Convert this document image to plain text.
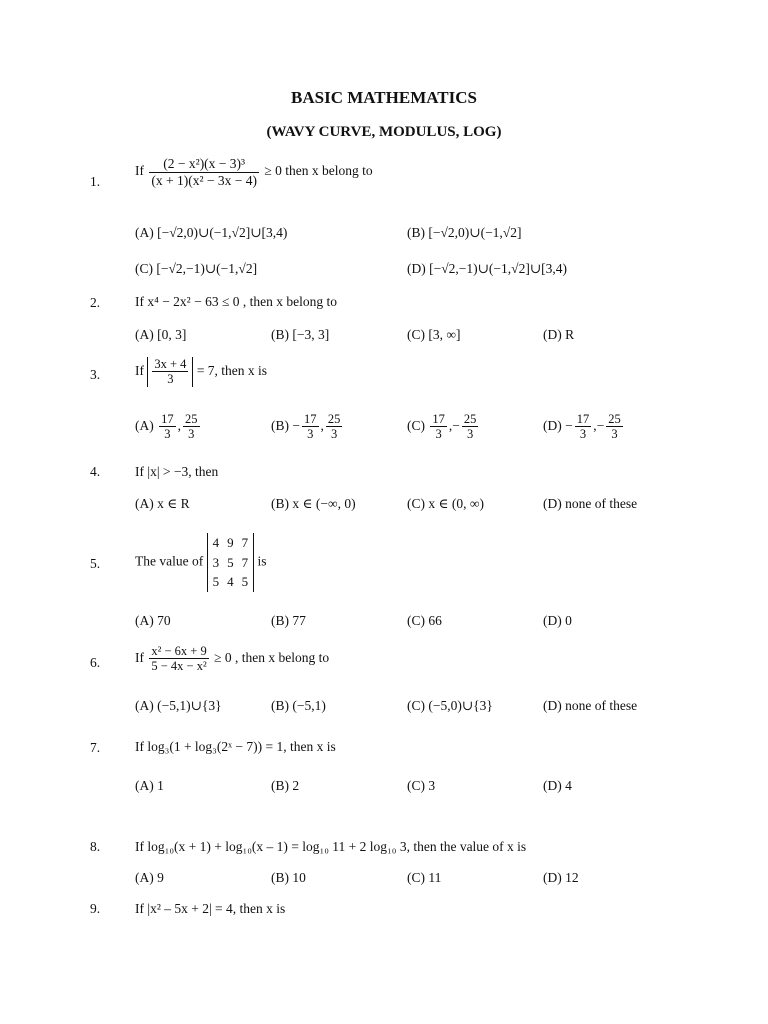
BASIC MATHEMATICS
(WAVY CURVE, MODULUS, LOG)
1.
If $\frac{\text{(2 − x²)(x − 3)³}}{\text{(x + 1)(x² − 3x − 4)}} \ge 0$ then x belong to
(A) [−√2,0)∪(−1,√2]∪[3,4)	(B) [−√2,0)∪(−1,√2]
(C) [−√2,−1)∪(−1,√2]	(D) [−√2,−1)∪(−1,√2]∪[3,4)
2.	If x⁴ − 2x² − 63 ≤ 0 , then x belong to
(A) [0, 3]	(B) [−3, 3]	(C) [3, ∞]	(D) R
3.	If $\frac{3x + 4}{3} = 7$, then x is
$(A) \frac{17}{3}$ , $\frac{25}{3}$	$(B) - \frac{17}{3}$ , $\frac{25}{3}$	$(C) \frac{17}{3}$ ,− $\frac{25}{3}$	$(D) - \frac{17}{3}$ ,− $\frac{25}{3}$
4.	If |x| > −3, then
(A) x ∈ R	(B) x ∈ (−∞, 0)	(C) x ∈ (0, ∞)	(D) none of these
5.	The value of
4	9	7
3	5	7
5	4	5
is
(A) 70	(B) 77	(C) 66	(D) 0
6.	If $\frac{\text{x² − 6x + 9}}{\text{5 − 4x − x²}} \ge 0$ , then x belong to
(A) (−5,1)∪{3}	(B) (−5,1)	(C) (−5,0)∪{3}	(D) none of these
7.	If log₃(1 + log₃(2ˣ − 7)) = 1, then x is
(A) 1	(B) 2	(C) 3	(D) 4
8.	If log₁₀(x + 1) + log₁₀(x – 1) = log₁₀ 11 + 2 log₁₀ 3, then the value of x is
(A) 9	(B) 10	(C) 11	(D) 12
9.	If |x² – 5x + 2| = 4, then x is
